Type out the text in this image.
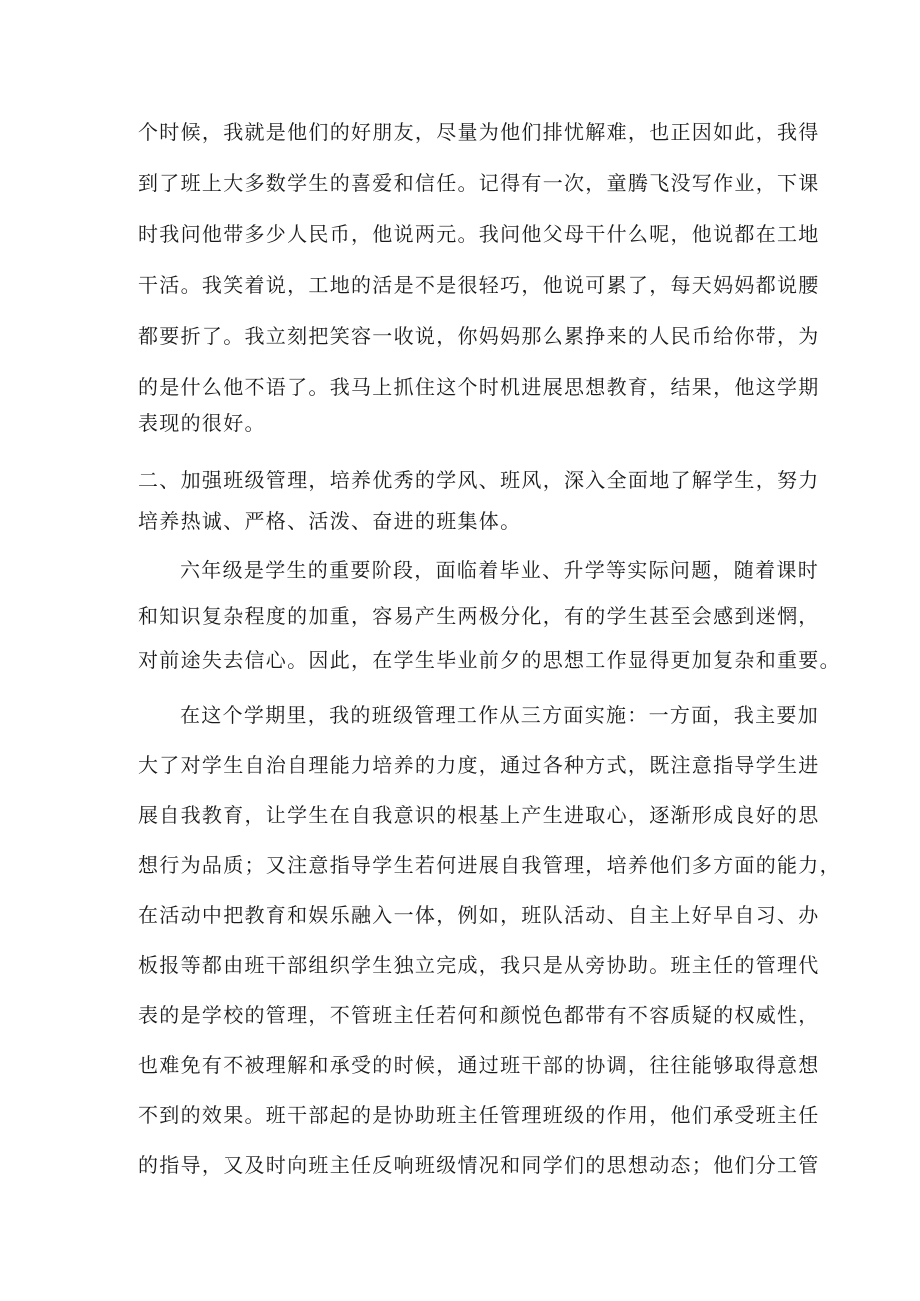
个时候，我就是他们的好朋友，尽量为他们排忧解难，也正因如此，我得
到了班上大多数学生的喜爱和信任。记得有一次，童腾飞没写作业，下课
时我问他带多少人民币，他说两元。我问他父母干什么呢，他说都在工地
干活。我笑着说，工地的活是不是很轻巧，他说可累了，每天妈妈都说腰
都要折了。我立刻把笑容一收说，你妈妈那么累挣来的人民币给你带，为
的是什么他不语了。我马上抓住这个时机进展思想教育，结果，他这学期
表现的很好。
二、加强班级管理，培养优秀的学风、班风，深入全面地了解学生，努力
培养热诚、严格、活泼、奋进的班集体。
六年级是学生的重要阶段，面临着毕业、升学等实际问题，随着课时
和知识复杂程度的加重，容易产生两极分化，有的学生甚至会感到迷惘，
对前途失去信心。因此，在学生毕业前夕的思想工作显得更加复杂和重要。
在这个学期里，我的班级管理工作从三方面实施：一方面，我主要加
大了对学生自治自理能力培养的力度，通过各种方式，既注意指导学生进
展自我教育，让学生在自我意识的根基上产生进取心，逐渐形成良好的思
想行为品质；又注意指导学生若何进展自我管理，培养他们多方面的能力，
在活动中把教育和娱乐融入一体，例如，班队活动、自主上好早自习、办
板报等都由班干部组织学生独立完成，我只是从旁协助。班主任的管理代
表的是学校的管理，不管班主任若何和颜悦色都带有不容质疑的权威性，
也难免有不被理解和承受的时候，通过班干部的协调，往往能够取得意想
不到的效果。班干部起的是协助班主任管理班级的作用，他们承受班主任
的指导，又及时向班主任反响班级情况和同学们的思想动态；他们分工管
